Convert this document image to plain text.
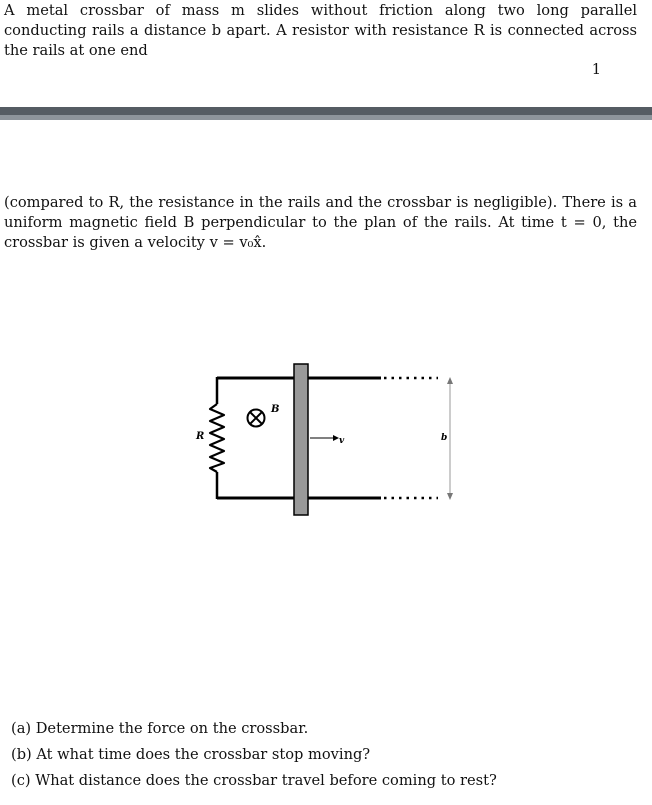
A metal crossbar of mass m slides without friction along two long parallel conducting rails a distance b apart. A resistor with resistance R is connected across the rails at one end
1
(compared to R, the resistance in the rails and the crossbar is negligible). There is a uniform magnetic field B perpendicular to the plan of the rails. At time t = 0, the crossbar is given a velocity v = v₀x̂.
R
B
v	b
(a) Determine the force on the crossbar.
(b) At what time does the crossbar stop moving?
(c) What distance does the crossbar travel before coming to rest?
